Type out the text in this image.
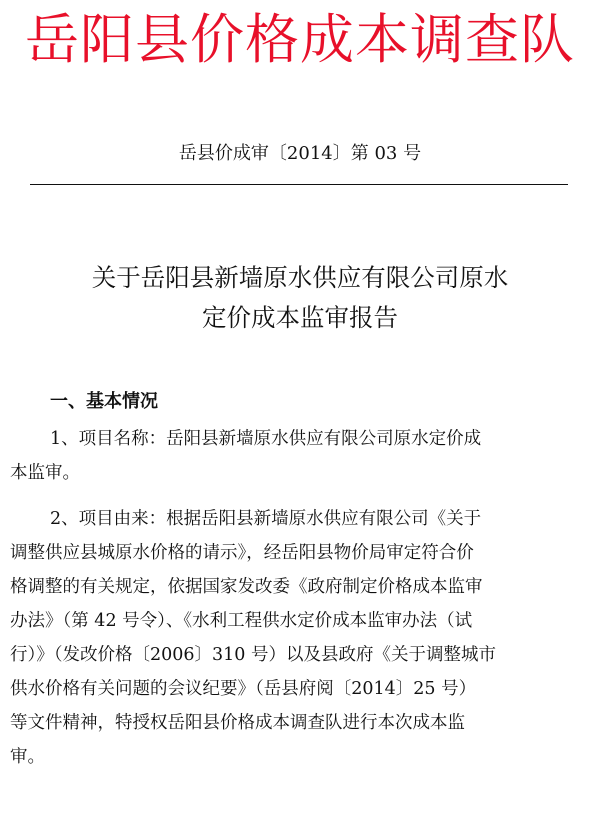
岳阳县价格成本调查队
岳县价成审〔2014〕第 03 号
关于岳阳县新墙原水供应有限公司原水
定价成本监审报告
一、基本情况
1、项目名称：岳阳县新墙原水供应有限公司原水定价成
本监审。
2、项目由来：根据岳阳县新墙原水供应有限公司《关于
调整供应县城原水价格的请示》，经岳阳县物价局审定符合价
格调整的有关规定，依据国家发改委《政府制定价格成本监审
办法》（第 42 号令）、《水利工程供水定价成本监审办法（试
行）》（发改价格〔2006〕310 号）以及县政府《关于调整城市
供水价格有关问题的会议纪要》（岳县府阅〔2014〕25 号）
等文件精神，特授权岳阳县价格成本调查队进行本次成本监
审。
